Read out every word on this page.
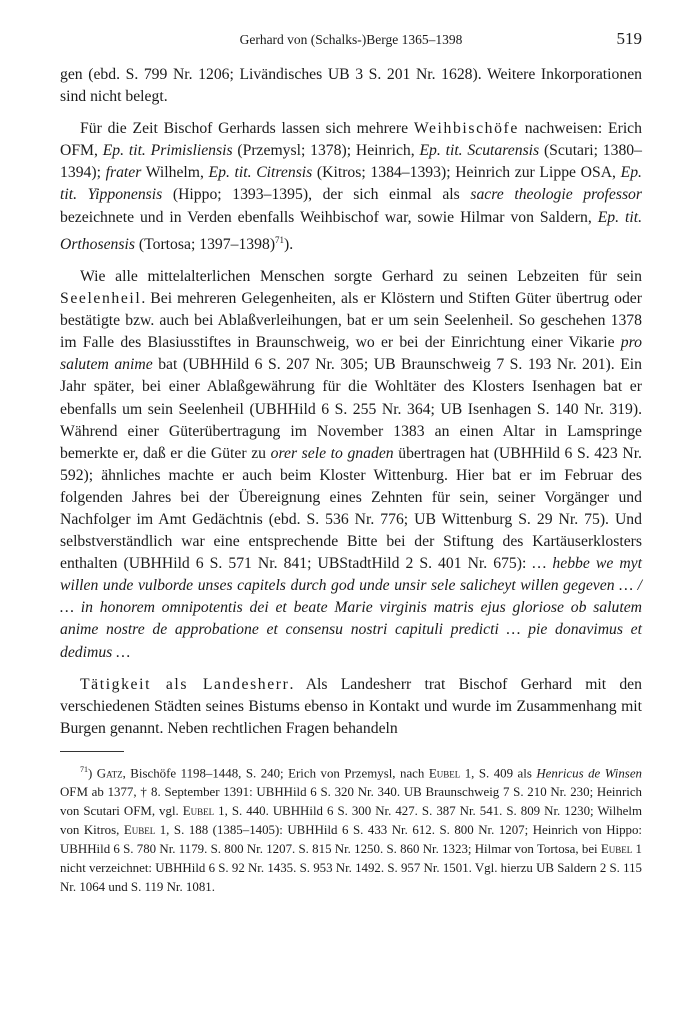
Gerhard von (Schalks-)Berge 1365–1398	519

gen (ebd. S. 799 Nr. 1206; Livändisches UB 3 S. 201 Nr. 1628). Weitere Inkorporationen sind nicht belegt.

Für die Zeit Bischof Gerhards lassen sich mehrere Weihbischöfe nachweisen: Erich OFM, Ep. tit. Primisliensis (Przemysl; 1378); Heinrich, Ep. tit. Scutarensis (Scutari; 1380–1394); frater Wilhelm, Ep. tit. Citrensis (Kitros; 1384–1393); Heinrich zur Lippe OSA, Ep. tit. Yipponensis (Hippo; 1393–1395), der sich einmal als sacre theologie professor bezeichnete und in Verden ebenfalls Weihbischof war, sowie Hilmar von Saldern, Ep. tit. Orthosensis (Tortosa; 1397–1398)$^{71}$).

Wie alle mittelalterlichen Menschen sorgte Gerhard zu seinen Lebzeiten für sein Seelenheil. Bei mehreren Gelegenheiten, als er Klöstern und Stiften Güter übertrug oder bestätigte bzw. auch bei Ablaßverleihungen, bat er um sein Seelenheil. So geschehen 1378 im Falle des Blasiusstiftes in Braunschweig, wo er bei der Einrichtung einer Vikarie pro salutem anime bat (UBHHild 6 S. 207 Nr. 305; UB Braunschweig 7 S. 193 Nr. 201). Ein Jahr später, bei einer Ablaßgewährung für die Wohltäter des Klosters Isenhagen bat er ebenfalls um sein Seelenheil (UBHHild 6 S. 255 Nr. 364; UB Isenhagen S. 140 Nr. 319). Während einer Güterübertragung im November 1383 an einen Altar in Lamspringe bemerkte er, daß er die Güter zu orer sele to gnaden übertragen hat (UBHHild 6 S. 423 Nr. 592); ähnliches machte er auch beim Kloster Wittenburg. Hier bat er im Februar des folgenden Jahres bei der Übereignung eines Zehnten für sein, seiner Vorgänger und Nachfolger im Amt Gedächtnis (ebd. S. 536 Nr. 776; UB Wittenburg S. 29 Nr. 75). Und selbstverständlich war eine entsprechende Bitte bei der Stiftung des Kartäuserklosters enthalten (UBHHild 6 S. 571 Nr. 841; UBStadtHild 2 S. 401 Nr. 675): … hebbe we myt willen unde vulborde unses capitels durch god unde unsir sele salicheyt willen gegeven … / … in honorem omnipotentis dei et beate Marie virginis matris ejus gloriose ob salutem anime nostre de approbatione et consensu nostri capituli predicti … pie donavimus et dedimus …

Tätigkeit als Landesherr. Als Landesherr trat Bischof Gerhard mit den verschiedenen Städten seines Bistums ebenso in Kontakt und wurde im Zusammenhang mit Burgen genannt. Neben rechtlichen Fragen behandeln

$^{71}$) Gatz, Bischöfe 1198–1448, S. 240; Erich von Przemysl, nach Eubel 1, S. 409 als Henricus de Winsen OFM ab 1377, † 8. September 1391: UBHHild 6 S. 320 Nr. 340. UB Braunschweig 7 S. 210 Nr. 230; Heinrich von Scutari OFM, vgl. Eubel 1, S. 440. UBHHild 6 S. 300 Nr. 427. S. 387 Nr. 541. S. 809 Nr. 1230; Wilhelm von Kitros, Eubel 1, S. 188 (1385–1405): UBHHild 6 S. 433 Nr. 612. S. 800 Nr. 1207; Heinrich von Hippo: UBHHild 6 S. 780 Nr. 1179. S. 800 Nr. 1207. S. 815 Nr. 1250. S. 860 Nr. 1323; Hilmar von Tortosa, bei Eubel 1 nicht verzeichnet: UBHHild 6 S. 92 Nr. 1435. S. 953 Nr. 1492. S. 957 Nr. 1501. Vgl. hierzu UB Saldern 2 S. 115 Nr. 1064 und S. 119 Nr. 1081.
